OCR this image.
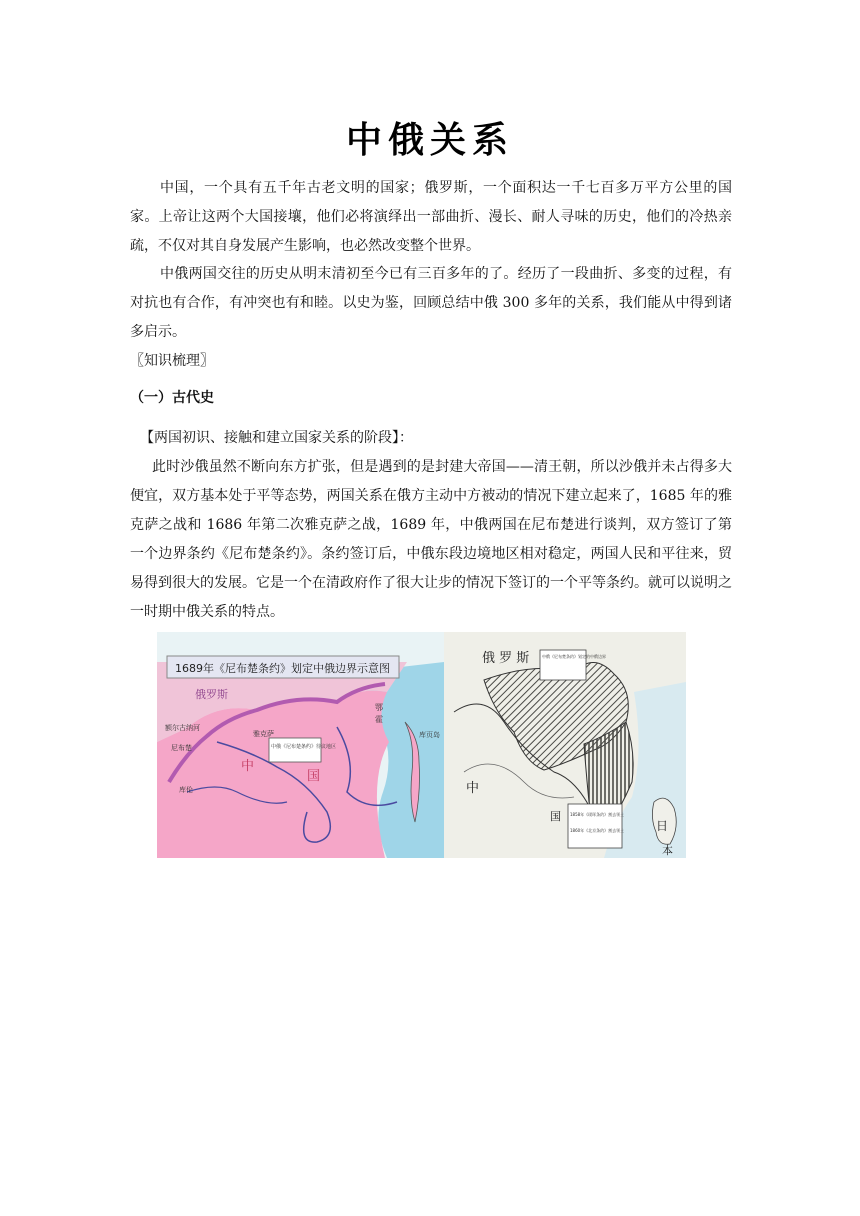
中俄关系

中国，一个具有五千年古老文明的国家；俄罗斯，一个面积达一千七百多万平方公里的国家。上帝让这两个大国接壤，他们必将演绎出一部曲折、漫长、耐人寻味的历史，他们的冷热亲疏，不仅对其自身发展产生影响，也必然改变整个世界。

中俄两国交往的历史从明末清初至今已有三百多年的了。经历了一段曲折、多变的过程，有对抗也有合作，有冲突也有和睦。以史为鉴，回顾总结中俄 300 多年的关系，我们能从中得到诸多启示。

〖知识梳理〗

（一）古代史

【两国初识、接触和建立国家关系的阶段】：

此时沙俄虽然不断向东方扩张，但是遇到的是封建大帝国——清王朝，所以沙俄并未占得多大便宜，双方基本处于平等态势，两国关系在俄方主动中方被动的情况下建立起来了，1685 年的雅克萨之战和 1686 年第二次雅克萨之战，1689 年，中俄两国在尼布楚进行谈判，双方签订了第一个边界条约《尼布楚条约》。条约签订后，中俄东段边境地区相对稳定，两国人民和平往来，贸易得到很大的发展。它是一个在清政府作了很大让步的情况下签订的一个平等条约。就可以说明之一时期中俄关系的特点。

1689年《尼布楚条约》划定中俄边界示意图
俄罗斯
中
国
额尔古纳河
尼布楚
雅克萨
库伦
中俄《尼布楚条约》待议地区
鄂
霍
库页岛
俄 罗 斯
中
国
日
本
中俄《尼布楚条约》划定的中俄边界
1858年《瑷珲条约》割去领土
1860年《北京条约》割去领土
